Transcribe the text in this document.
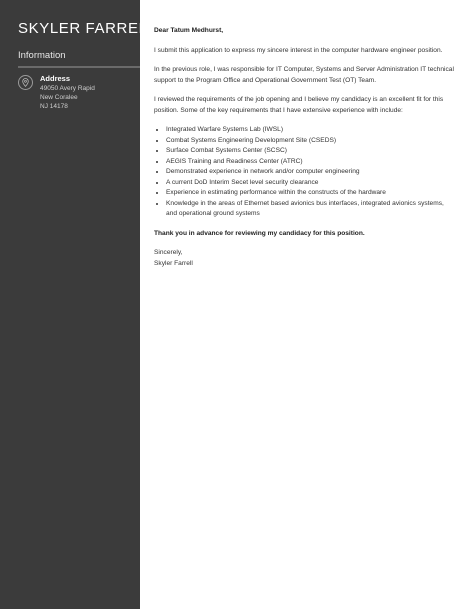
SKYLER FARRELL
Information
Address
49050 Avery Rapid
New Coralee
NJ 14178

Dear Tatum Medhurst,

I submit this application to express my sincere interest in the computer hardware engineer position.

In the previous role, I was responsible for IT Computer, Systems and Server Administration IT technical support to the Program Office and Operational Government Test (OT) Team.

I reviewed the requirements of the job opening and I believe my candidacy is an excellent fit for this position. Some of the key requirements that I have extensive experience with include:

• Integrated Warfare Systems Lab (IWSL)
• Combat Systems Engineering Development Site (CSEDS)
• Surface Combat Systems Center (SCSC)
• AEGIS Training and Readiness Center (ATRC)
• Demonstrated experience in network and/or computer engineering
• A current DoD Interim Secet level security clearance
• Experience in estimating performance within the constructs of the hardware
• Knowledge in the areas of Ethernet based avionics bus interfaces, integrated avionics systems, and operational ground systems

Thank you in advance for reviewing my candidacy for this position.

Sincerely,

Skyler Farrell
